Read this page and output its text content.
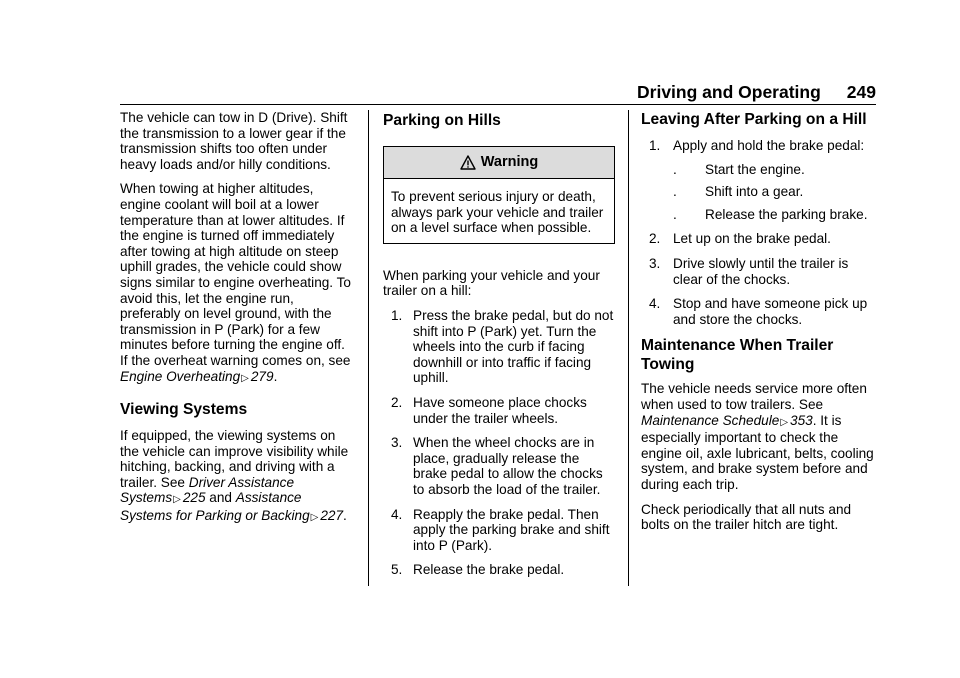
Driving and Operating 249

The vehicle can tow in D (Drive). Shift the transmission to a lower gear if the transmission shifts too often under heavy loads and/or hilly conditions.

When towing at higher altitudes, engine coolant will boil at a lower temperature than at lower altitudes. If the engine is turned off immediately after towing at high altitude on steep uphill grades, the vehicle could show signs similar to engine overheating. To avoid this, let the engine run, preferably on level ground, with the transmission in P (Park) for a few minutes before turning the engine off. If the overheat warning comes on, see Engine Overheating▷ 279.

Viewing Systems

If equipped, the viewing systems on the vehicle can improve visibility while hitching, backing, and driving with a trailer. See Driver Assistance Systems▷ 225 and Assistance Systems for Parking or Backing▷ 227.

Parking on Hills
Warning
To prevent serious injury or death, always park your vehicle and trailer on a level surface when possible.

When parking your vehicle and your trailer on a hill:

1. Press the brake pedal, but do not shift into P (Park) yet. Turn the wheels into the curb if facing downhill or into traffic if facing uphill.
2. Have someone place chocks under the trailer wheels.
3. When the wheel chocks are in place, gradually release the brake pedal to allow the chocks to absorb the load of the trailer.
4. Reapply the brake pedal. Then apply the parking brake and shift into P (Park).
5. Release the brake pedal.
Leaving After Parking on a Hill
1. Apply and hold the brake pedal:
. Start the engine.
. Shift into a gear.
. Release the parking brake.
2. Let up on the brake pedal.
3. Drive slowly until the trailer is clear of the chocks.
4. Stop and have someone pick up and store the chocks.
Maintenance When Trailer Towing

The vehicle needs service more often when used to tow trailers. See Maintenance Schedule▷ 353. It is especially important to check the engine oil, axle lubricant, belts, cooling system, and brake system before and during each trip.

Check periodically that all nuts and bolts on the trailer hitch are tight.
